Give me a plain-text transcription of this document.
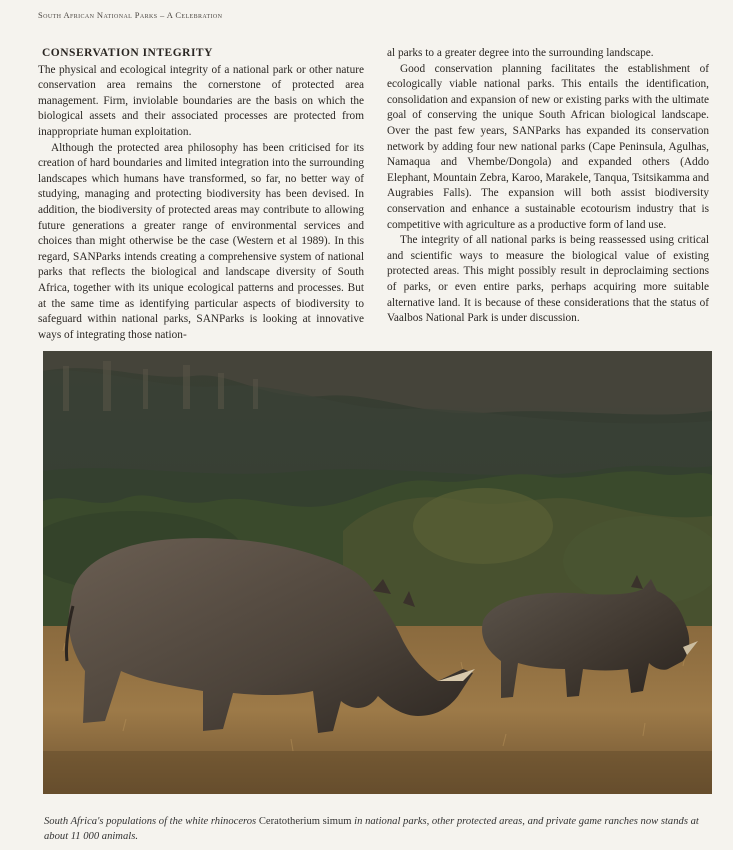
South African National Parks – A Celebration
CONSERVATION INTEGRITY

The physical and ecological integrity of a national park or other nature conservation area remains the cornerstone of protected area management. Firm, inviolable boundaries are the basis on which the biological assets and their associated processes are protected from inappropriate human exploitation.

Although the protected area philosophy has been criticised for its creation of hard boundaries and limited integration into the surrounding landscapes which humans have transformed, so far, no better way of studying, managing and protecting biodiversity has been devised. In addition, the biodiversity of protected areas may contribute to allowing future generations a greater range of environmental services and choices than might otherwise be the case (Western et al 1989). In this regard, SANParks intends creating a comprehensive system of national parks that reflects the biological and landscape diversity of South Africa, together with its unique ecological patterns and processes. But at the same time as identifying particular aspects of biodiversity to safeguard within national parks, SANParks is looking at innovative ways of integrating those nation-

al parks to a greater degree into the surrounding landscape.

Good conservation planning facilitates the establishment of ecologically viable national parks. This entails the identification, consolidation and expansion of new or existing parks with the ultimate goal of conserving the unique South African biological landscape. Over the past few years, SANParks has expanded its conservation network by adding four new national parks (Cape Peninsula, Agulhas, Namaqua and Vhembe/Dongola) and expanded others (Addo Elephant, Mountain Zebra, Karoo, Marakele, Tanqua, Tsitsikamma and Augrabies Falls). The expansion will both assist biodiversity conservation and enhance a sustainable ecotourism industry that is competitive with agriculture as a productive form of land use.

The integrity of all national parks is being reassessed using critical and scientific ways to measure the biological value of existing protected areas. This might possibly result in deproclaiming sections of parks, or even entire parks, perhaps acquiring more suitable alternative land. It is because of these considerations that the status of Vaalbos National Park is under discussion.

South Africa's populations of the white rhinoceros Ceratotherium simum in national parks, other protected areas, and private game ranches now stands at about 11 000 animals.
